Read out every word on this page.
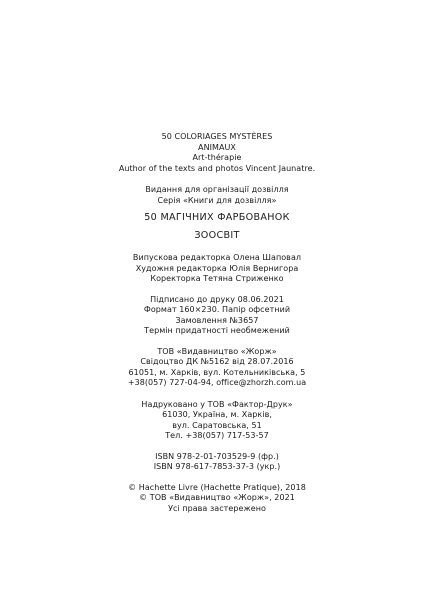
50 COLORIAGES MYSTÈRES
ANIMAUX
Art-thérapie
Author of the texts and photos Vincent Jaunatre.
Видання для організації дозвілля
Серія «Книги для дозвілля»
50 МАГІЧНИХ ФАРБОВАНОК
ЗООСВІТ
Випускова редакторка Олена Шаповал
Художня редакторка Юлія Вернигора
Коректорка Тетяна Стриженко
Підписано до друку 08.06.2021
Формат 160×230. Папір офсетний
Замовлення №3657
Термін придатності необмежений
ТОВ «Видавництво «Жорж»
Свідоцтво ДК №5162 від 28.07.2016
61051, м. Харків, вул. Котельниківська, 5
+38(057) 727-04-94, office@zhorzh.com.ua
Надруковано у ТОВ «Фактор-Друк»
61030, Україна, м. Харків,
вул. Саратовська, 51
Тел. +38(057) 717-53-57
ISBN 978-2-01-703529-9 (фр.)
ISBN 978-617-7853-37-3 (укр.)
© Hachette Livre (Hachette Pratique), 2018
© ТОВ «Видавництво «Жорж», 2021
Усі права застережено
